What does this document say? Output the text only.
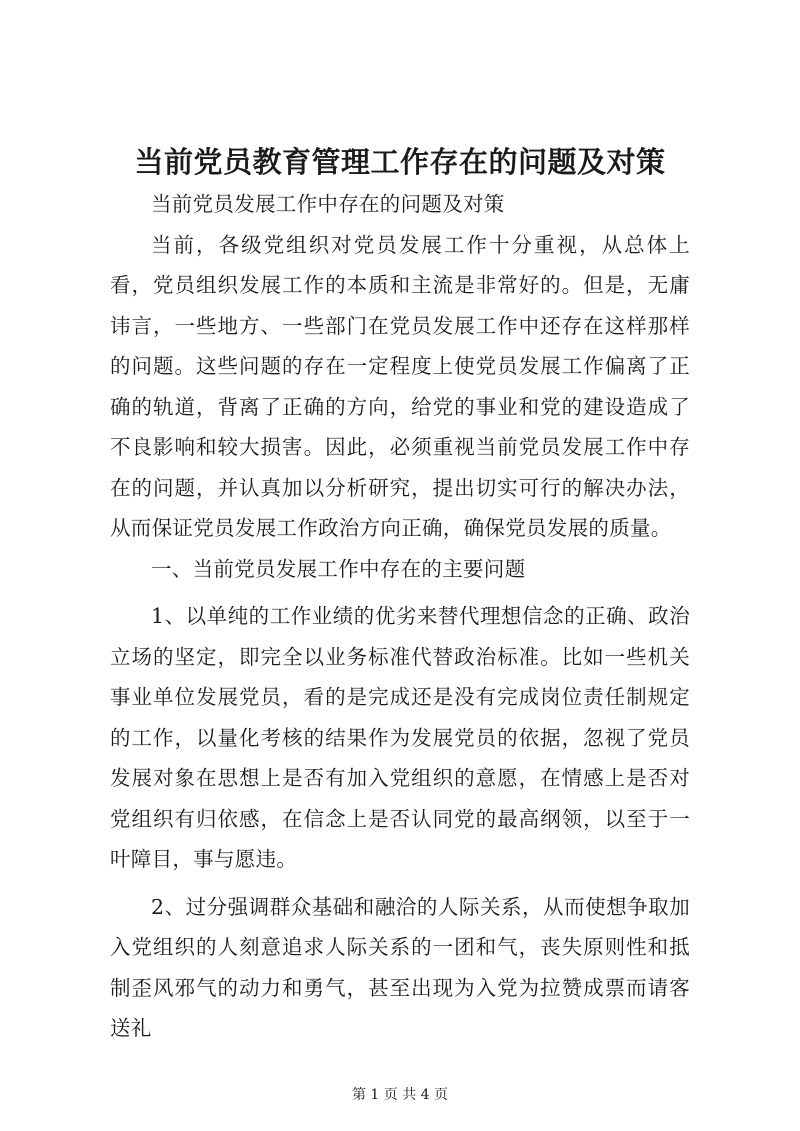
当前党员教育管理工作存在的问题及对策

当前党员发展工作中存在的问题及对策

当前，各级党组织对党员发展工作十分重视，从总体上看，党员组织发展工作的本质和主流是非常好的。但是，无庸讳言，一些地方、一些部门在党员发展工作中还存在这样那样的问题。这些问题的存在一定程度上使党员发展工作偏离了正确的轨道，背离了正确的方向，给党的事业和党的建设造成了不良影响和较大损害。因此，必须重视当前党员发展工作中存在的问题，并认真加以分析研究，提出切实可行的解决办法，从而保证党员发展工作政治方向正确，确保党员发展的质量。

一、当前党员发展工作中存在的主要问题

1、以单纯的工作业绩的优劣来替代理想信念的正确、政治立场的坚定，即完全以业务标准代替政治标准。比如一些机关事业单位发展党员，看的是完成还是没有完成岗位责任制规定的工作，以量化考核的结果作为发展党员的依据，忽视了党员发展对象在思想上是否有加入党组织的意愿，在情感上是否对党组织有归依感，在信念上是否认同党的最高纲领，以至于一叶障目，事与愿违。

2、过分强调群众基础和融洽的人际关系，从而使想争取加入党组织的人刻意追求人际关系的一团和气，丧失原则性和抵制歪风邪气的动力和勇气，甚至出现为入党为拉赞成票而请客送礼

第 1 页 共 4 页
